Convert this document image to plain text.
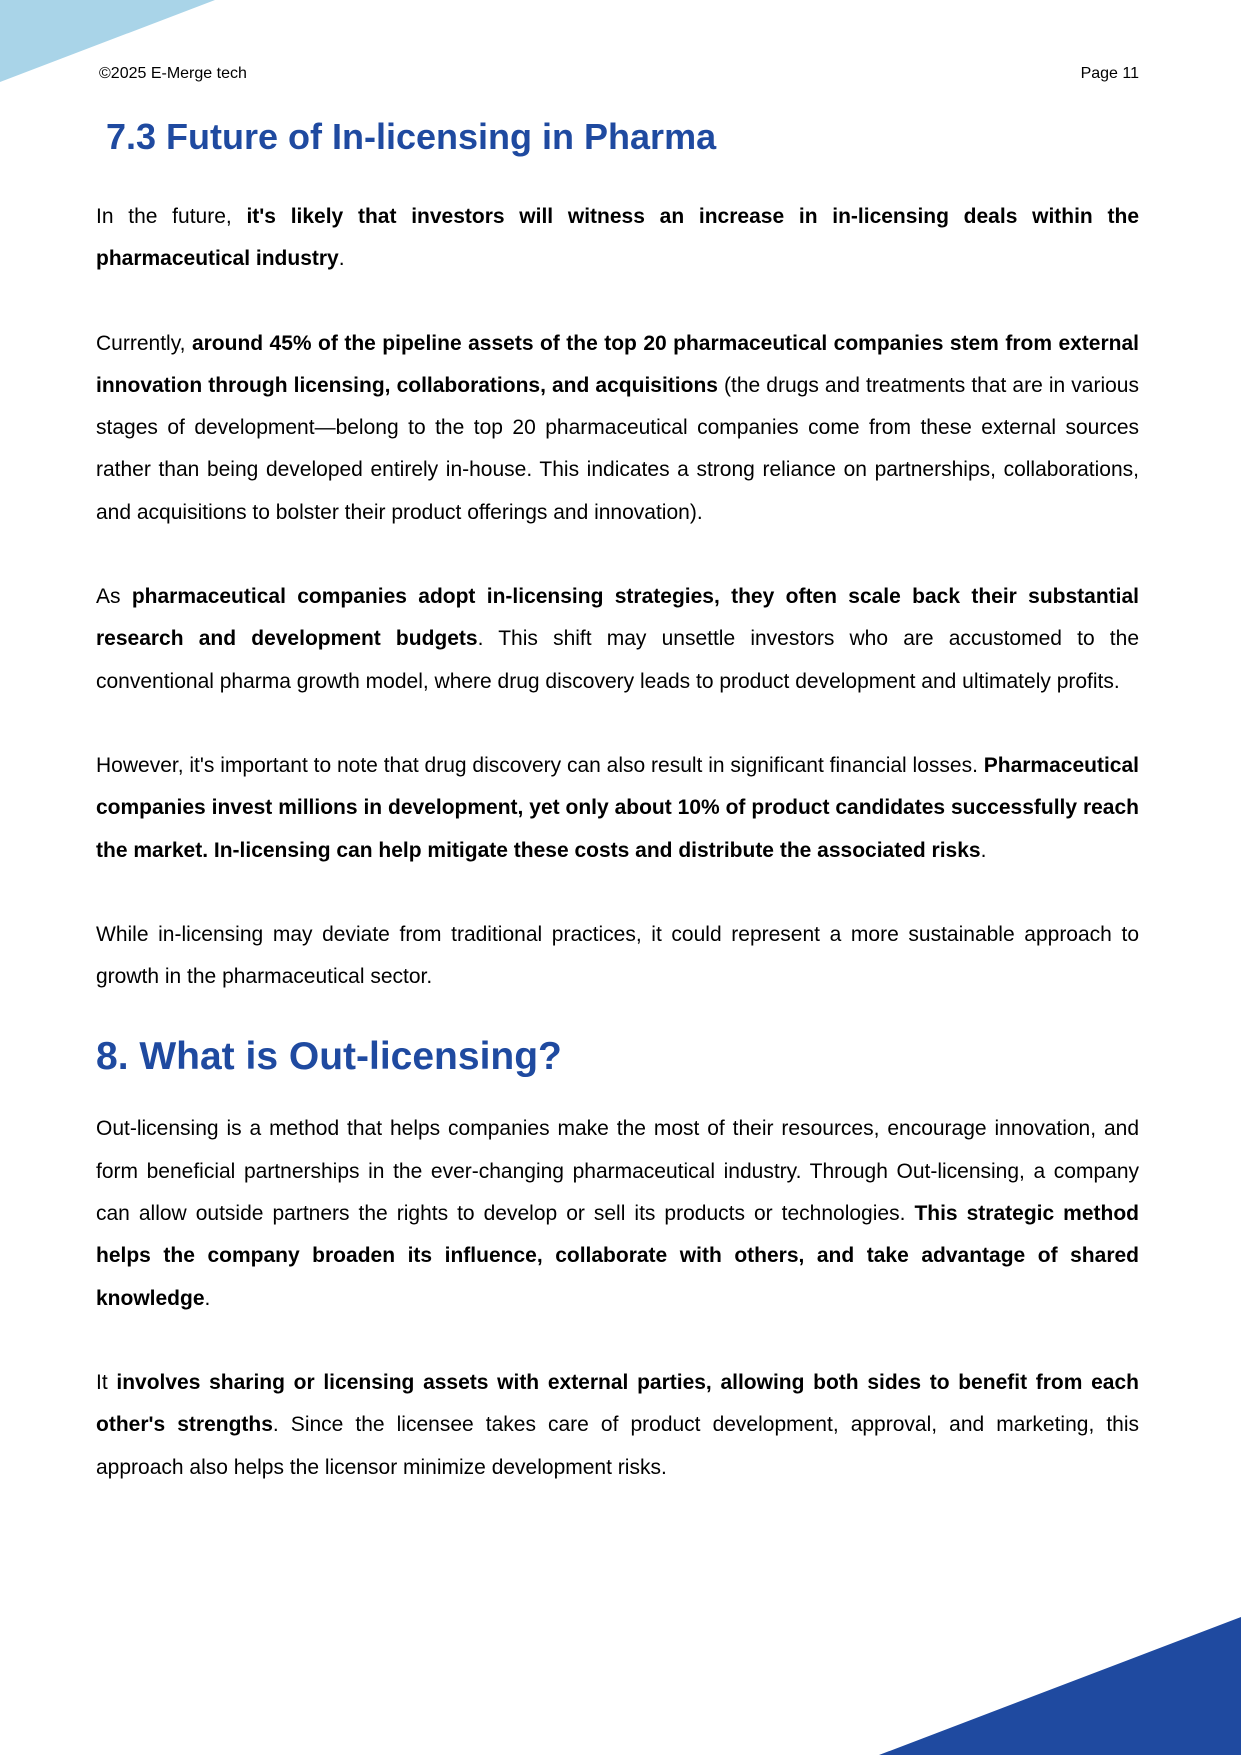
©2025 E-Merge tech	Page 11
7.3 Future of In-licensing in Pharma

In the future, it's likely that investors will witness an increase in in-licensing deals within the pharmaceutical industry.

Currently, around 45% of the pipeline assets of the top 20 pharmaceutical companies stem from external innovation through licensing, collaborations, and acquisitions (the drugs and treatments that are in various stages of development—belong to the top 20 pharmaceutical companies come from these external sources rather than being developed entirely in-house. This indicates a strong reliance on partnerships, collaborations, and acquisitions to bolster their product offerings and innovation).

As pharmaceutical companies adopt in-licensing strategies, they often scale back their substantial research and development budgets. This shift may unsettle investors who are accustomed to the conventional pharma growth model, where drug discovery leads to product development and ultimately profits.

However, it's important to note that drug discovery can also result in significant financial losses. Pharmaceutical companies invest millions in development, yet only about 10% of product candidates successfully reach the market. In-licensing can help mitigate these costs and distribute the associated risks.

While in-licensing may deviate from traditional practices, it could represent a more sustainable approach to growth in the pharmaceutical sector.

8. What is Out-licensing?

Out-licensing is a method that helps companies make the most of their resources, encourage innovation, and form beneficial partnerships in the ever-changing pharmaceutical industry. Through Out-licensing, a company can allow outside partners the rights to develop or sell its products or technologies. This strategic method helps the company broaden its influence, collaborate with others, and take advantage of shared knowledge.

It involves sharing or licensing assets with external parties, allowing both sides to benefit from each other's strengths. Since the licensee takes care of product development, approval, and marketing, this approach also helps the licensor minimize development risks.
